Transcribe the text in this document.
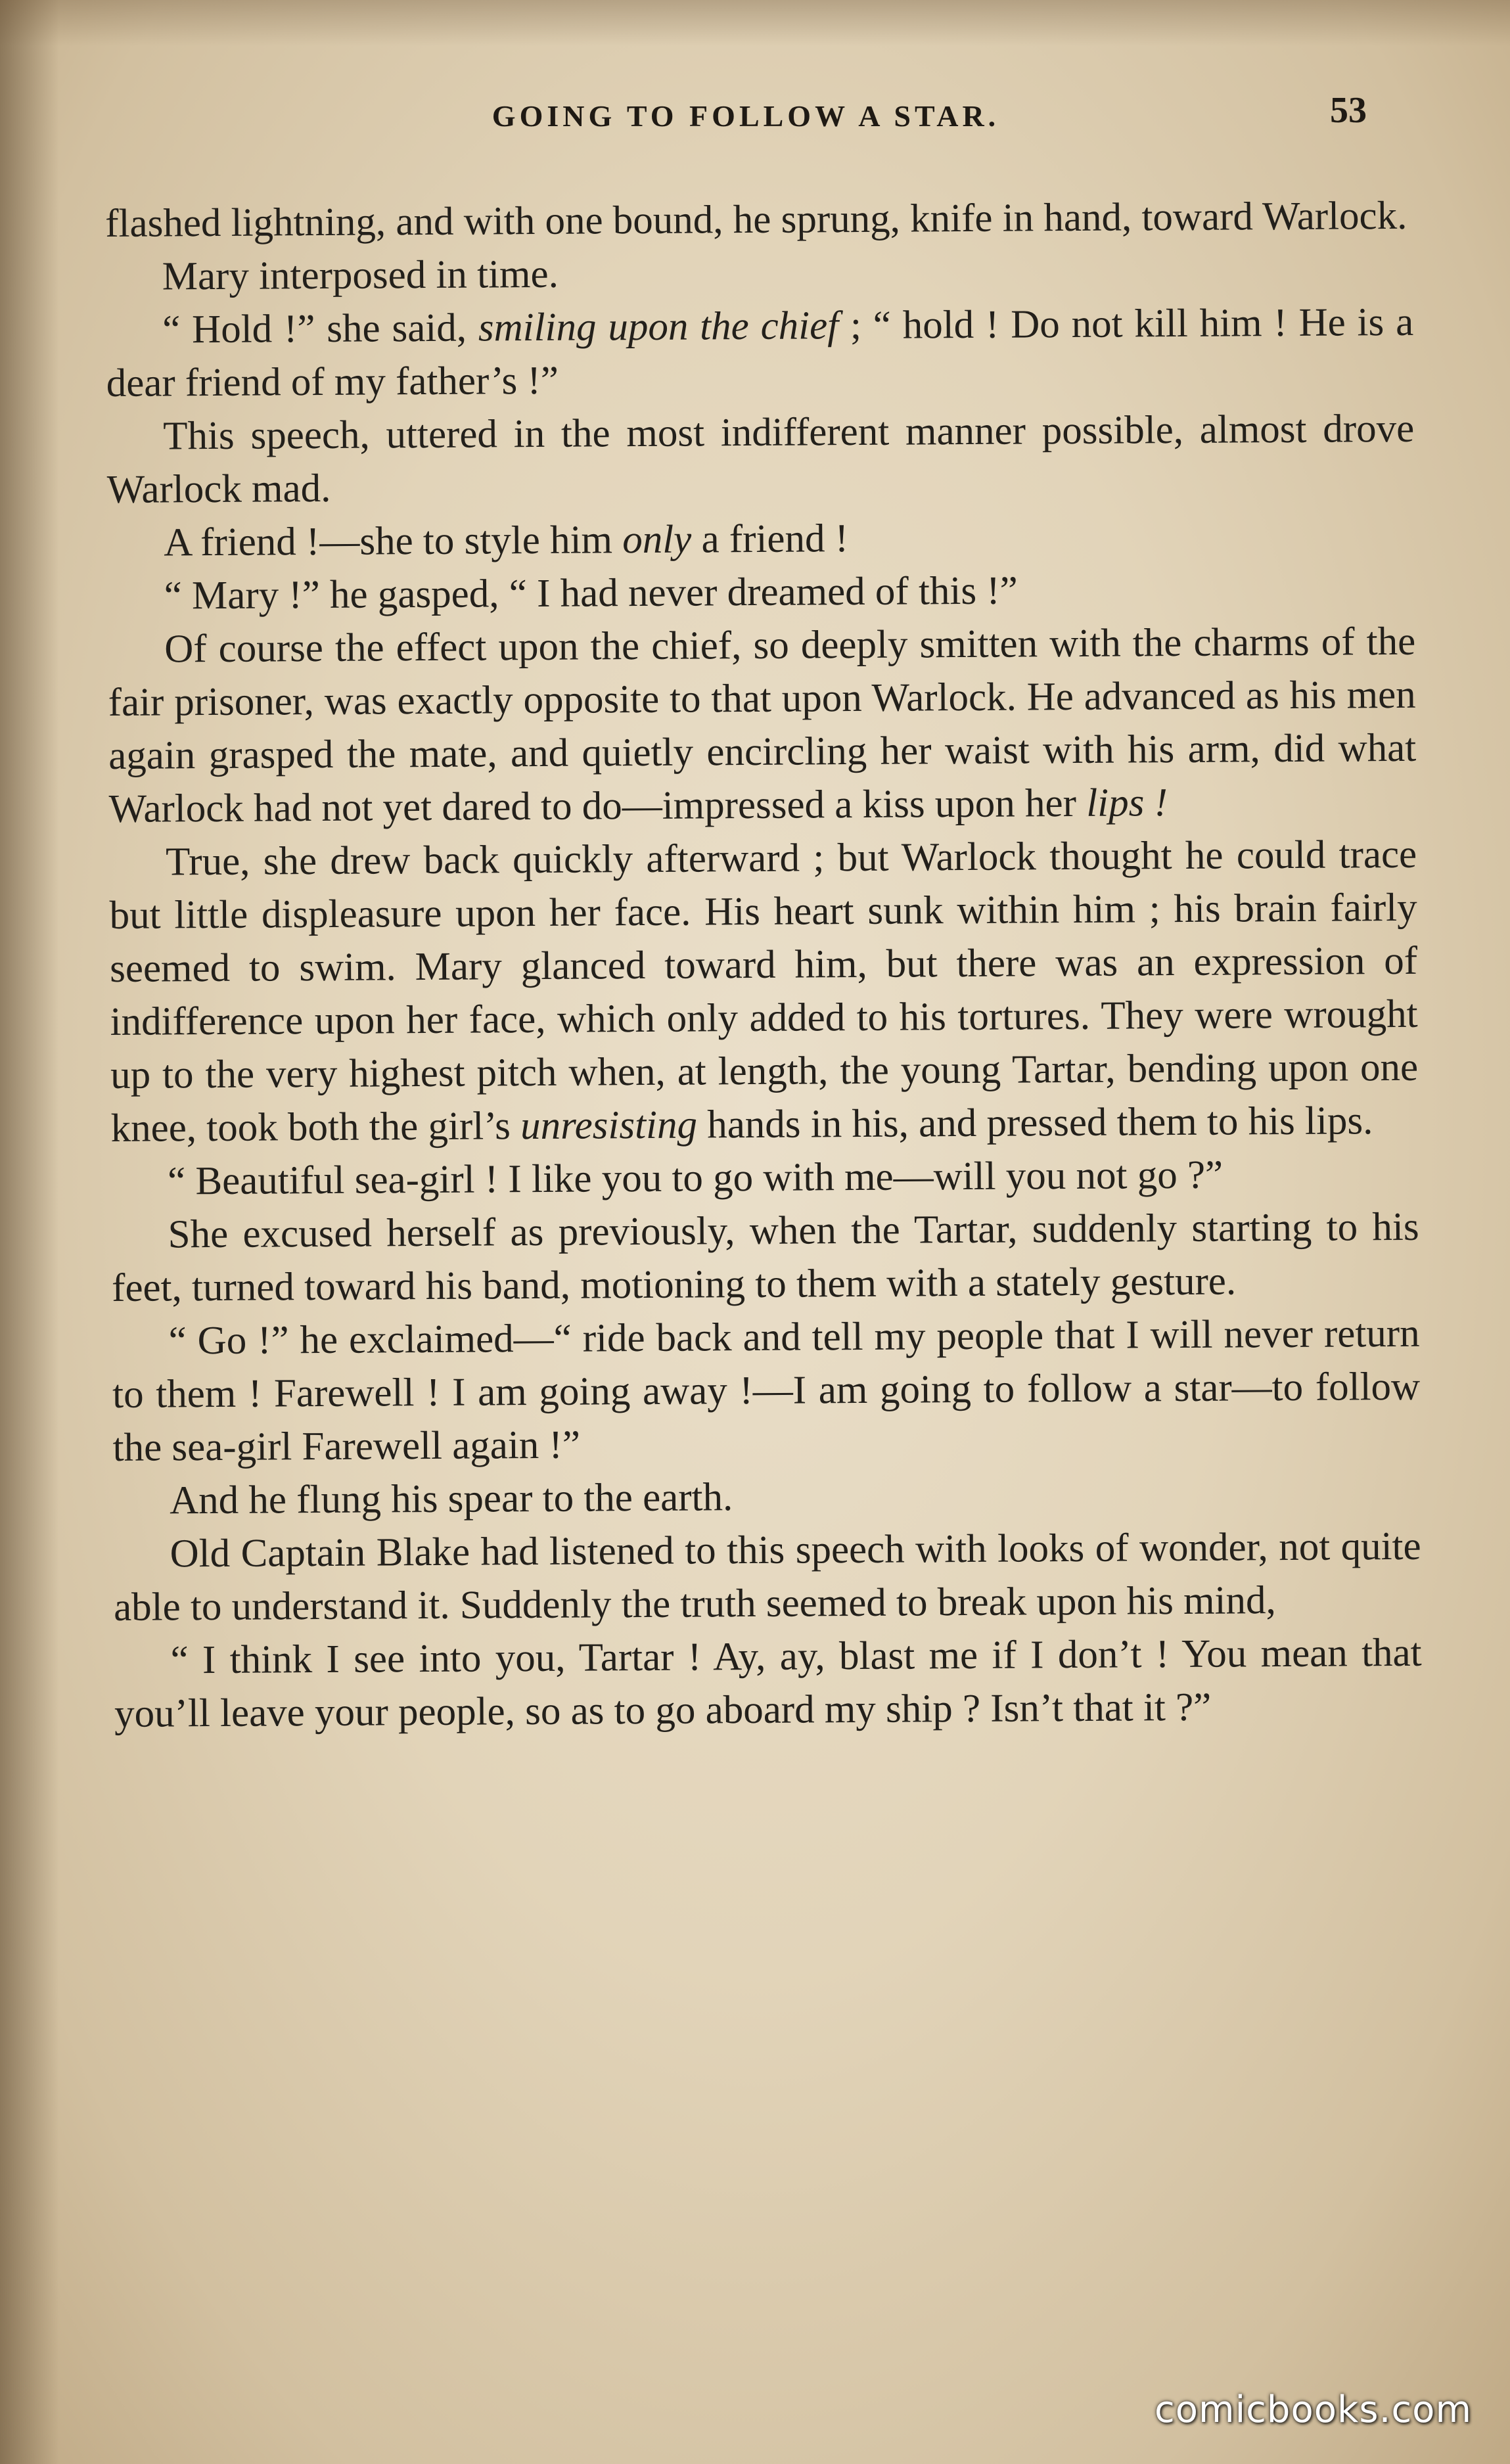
GOING TO FOLLOW A STAR.	53

flashed lightning, and with one bound, he sprung, knife in hand, toward Warlock.

Mary interposed in time.

“ Hold !” she said, smiling upon the chief ; “ hold ! Do not kill him ! He is a dear friend of my father’s !”

This speech, uttered in the most indifferent manner possible, almost drove Warlock mad.

A friend !—she to style him only a friend !

“ Mary !” he gasped, “ I had never dreamed of this !”

Of course the effect upon the chief, so deeply smitten with the charms of the fair prisoner, was exactly opposite to that upon Warlock. He advanced as his men again grasped the mate, and quietly encircling her waist with his arm, did what Warlock had not yet dared to do—impressed a kiss upon her lips !

True, she drew back quickly afterward ; but Warlock thought he could trace but little displeasure upon her face. His heart sunk within him ; his brain fairly seemed to swim. Mary glanced toward him, but there was an expression of indifference upon her face, which only added to his tortures. They were wrought up to the very highest pitch when, at length, the young Tartar, bending upon one knee, took both the girl’s unresisting hands in his, and pressed them to his lips.

“ Beautiful sea-girl ! I like you to go with me—will you not go ?”

She excused herself as previously, when the Tartar, suddenly starting to his feet, turned toward his band, motioning to them with a stately gesture.

“ Go !” he exclaimed—“ ride back and tell my people that I will never return to them ! Farewell ! I am going away !—I am going to follow a star—to follow the sea-girl Farewell again !”

And he flung his spear to the earth.

Old Captain Blake had listened to this speech with looks of wonder, not quite able to understand it. Suddenly the truth seemed to break upon his mind,

“ I think I see into you, Tartar ! Ay, ay, blast me if I don’t ! You mean that you’ll leave your people, so as to go aboard my ship ? Isn’t that it ?”

comicbooks.com
